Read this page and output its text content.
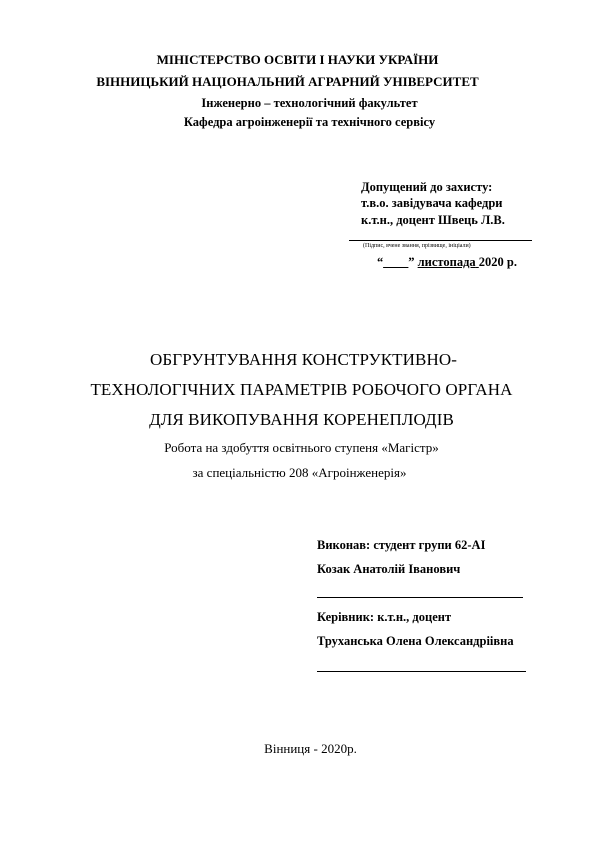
МІНІСТЕРСТВО ОСВІТИ І НАУКИ УКРАЇНИ
ВІННИЦЬКИЙ НАЦІОНАЛЬНИЙ АГРАРНИЙ УНІВЕРСИТЕТ
Інженерно – технологічний факультет
Кафедра агроінженерії та технічного сервісу
Допущений до захисту:
т.в.о. завідувача кафедри
к.т.н., доцент Швець Л.В.
(Підпис, вчене звання, прізвище, ініціали)
“____” листопада 2020 р.
ОБГРУНТУВАННЯ КОНСТРУКТИВНО-
ТЕХНОЛОГІЧНИХ ПАРАМЕТРІВ РОБОЧОГО ОРГАНА
ДЛЯ ВИКОПУВАННЯ КОРЕНЕПЛОДІВ
Робота на здобуття освітнього ступеня «Магістр»
за спеціальністю 208 «Агроінженерія»
Виконав: студент групи 62-АІ
Козак Анатолій Іванович
Керівник: к.т.н., доцент
Труханська Олена Олександріівна
Вінниця - 2020р.
